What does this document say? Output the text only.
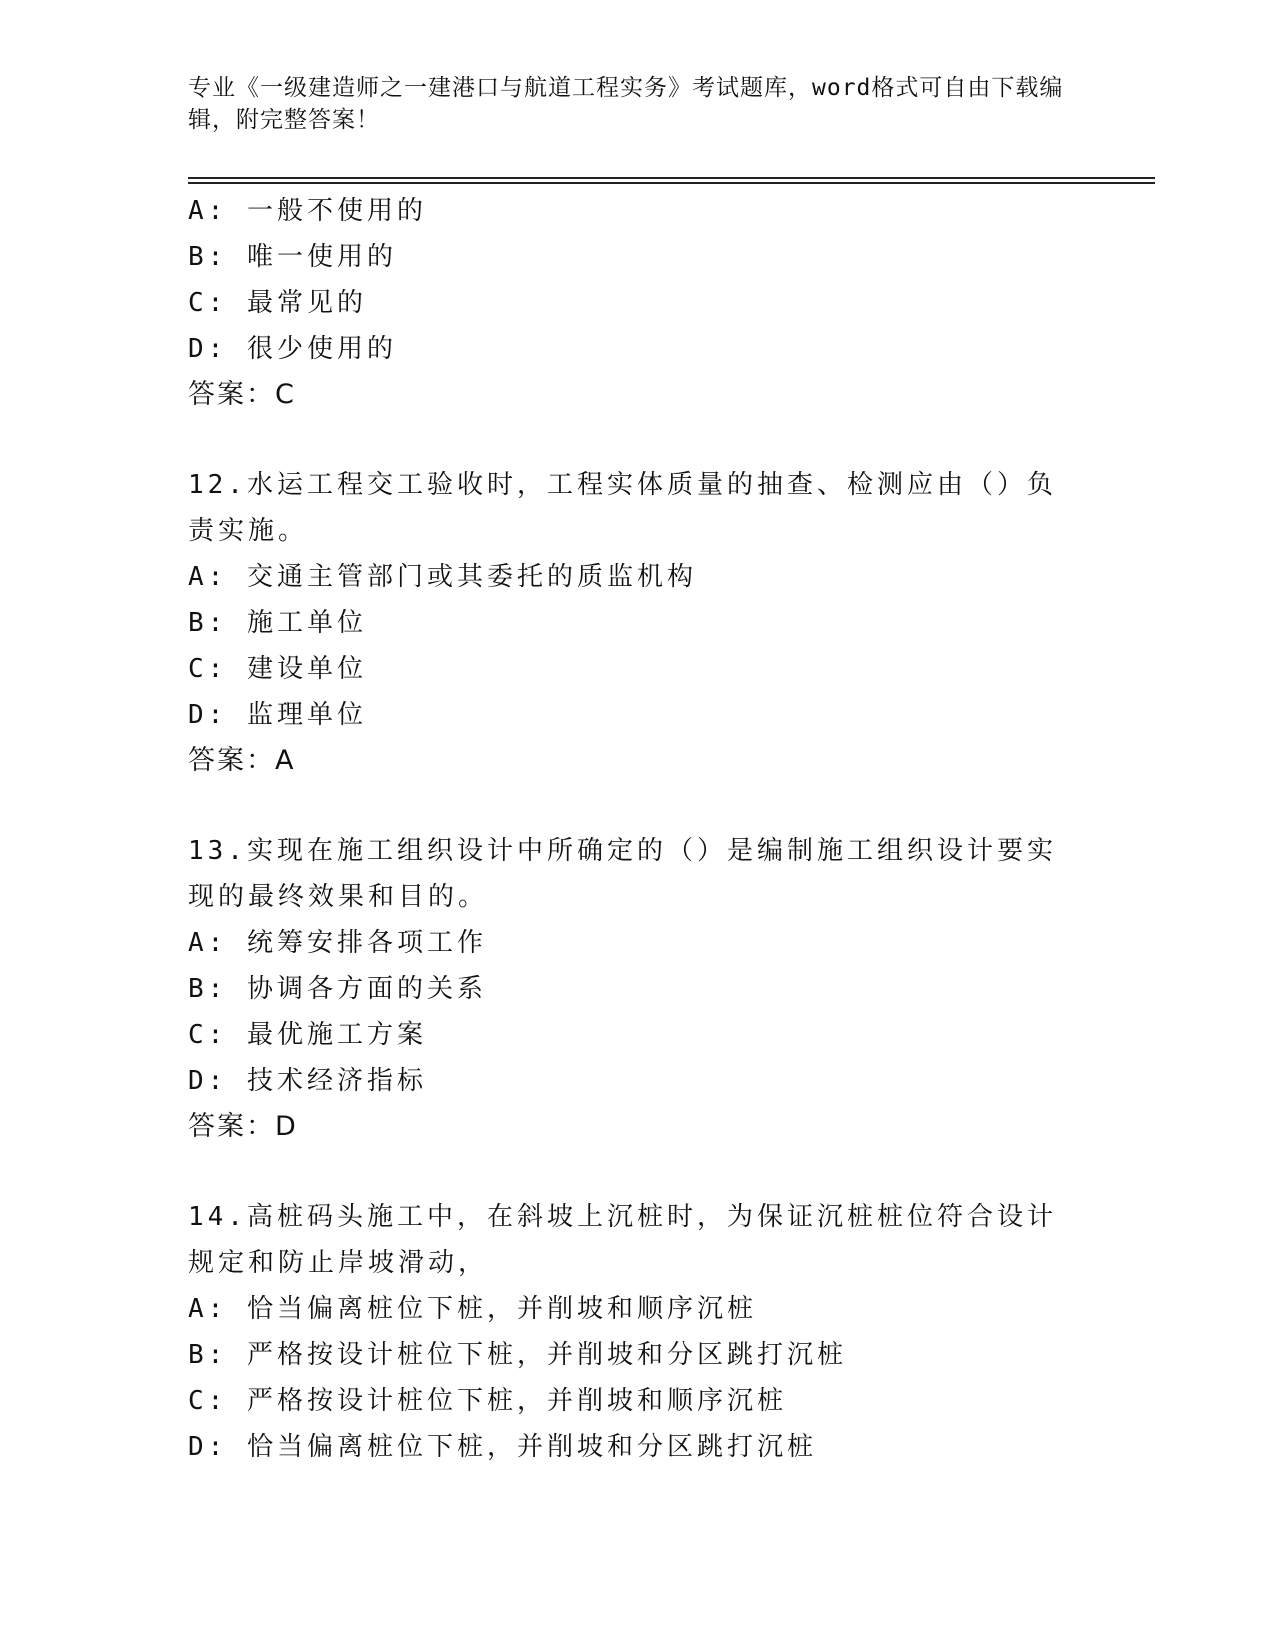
专业《一级建造师之一建港口与航道工程实务》考试题库，word格式可自由下载编辑，附完整答案！

A: 一般不使用的

B: 唯一使用的

C: 最常见的

D: 很少使用的

答案：C

12.水运工程交工验收时，工程实体质量的抽查、检测应由（）负责实施。

A: 交通主管部门或其委托的质监机构

B: 施工单位

C: 建设单位

D: 监理单位

答案：A

13.实现在施工组织设计中所确定的（）是编制施工组织设计要实现的最终效果和目的。

A: 统筹安排各项工作

B: 协调各方面的关系

C: 最优施工方案

D: 技术经济指标

答案：D

14.高桩码头施工中，在斜坡上沉桩时，为保证沉桩桩位符合设计规定和防止岸坡滑动，

A: 恰当偏离桩位下桩，并削坡和顺序沉桩

B: 严格按设计桩位下桩，并削坡和分区跳打沉桩

C: 严格按设计桩位下桩，并削坡和顺序沉桩

D: 恰当偏离桩位下桩，并削坡和分区跳打沉桩
